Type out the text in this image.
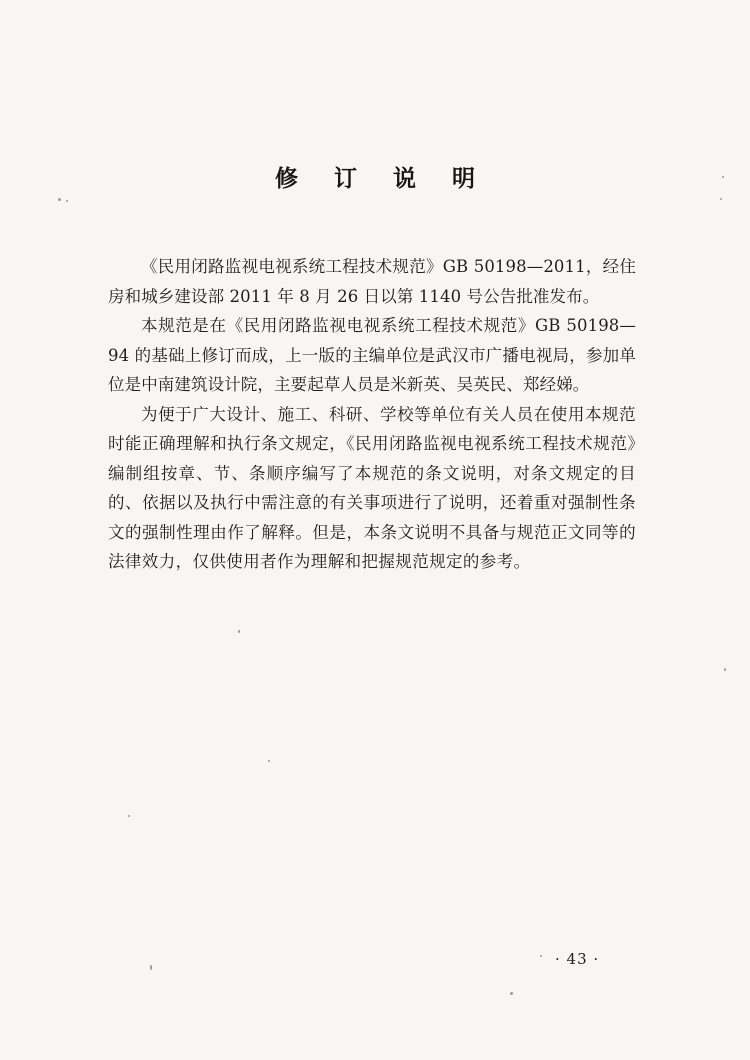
修 订 说 明

《民用闭路监视电视系统工程技术规范》GB 50198—2011，经住房和城乡建设部 2011 年 8 月 26 日以第 1140 号公告批准发布。

本规范是在《民用闭路监视电视系统工程技术规范》GB 50198—94 的基础上修订而成，上一版的主编单位是武汉市广播电视局，参加单位是中南建筑设计院，主要起草人员是米新英、吴英民、郑经娣。

为便于广大设计、施工、科研、学校等单位有关人员在使用本规范时能正确理解和执行条文规定，《民用闭路监视电视系统工程技术规范》编制组按章、节、条顺序编写了本规范的条文说明，对条文规定的目的、依据以及执行中需注意的有关事项进行了说明，还着重对强制性条文的强制性理由作了解释。但是，本条文说明不具备与规范正文同等的法律效力，仅供使用者作为理解和把握规范规定的参考。

· 43 ·
